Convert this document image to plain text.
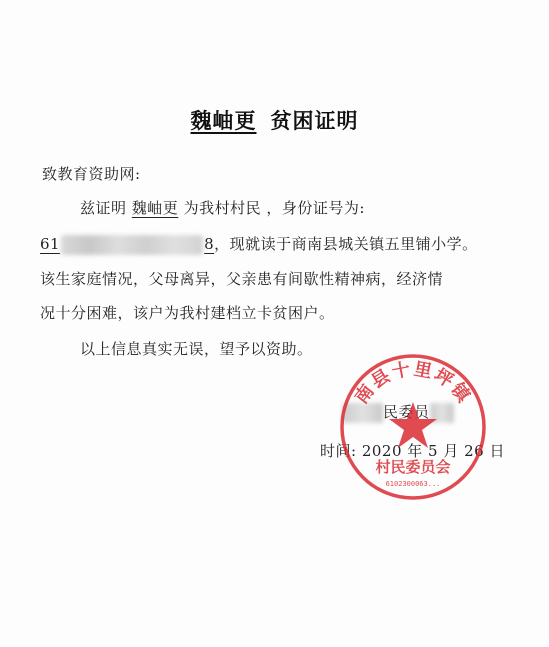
魏岫更 贫困证明
致教育资助网:
兹证明 魏岫更 为我村村民 ，身份证号为:
61	8，现就读于商南县城关镇五里铺小学。
该生家庭情况，父母离异，父亲患有间歇性精神病，经济情
况十分困难，该户为我村建档立卡贫困户。
以上信息真实无误，望予以资助。
民委员
时间: 2020 年 5 月 26 日
南县十里坪镇
村民委员会
6102300063...
